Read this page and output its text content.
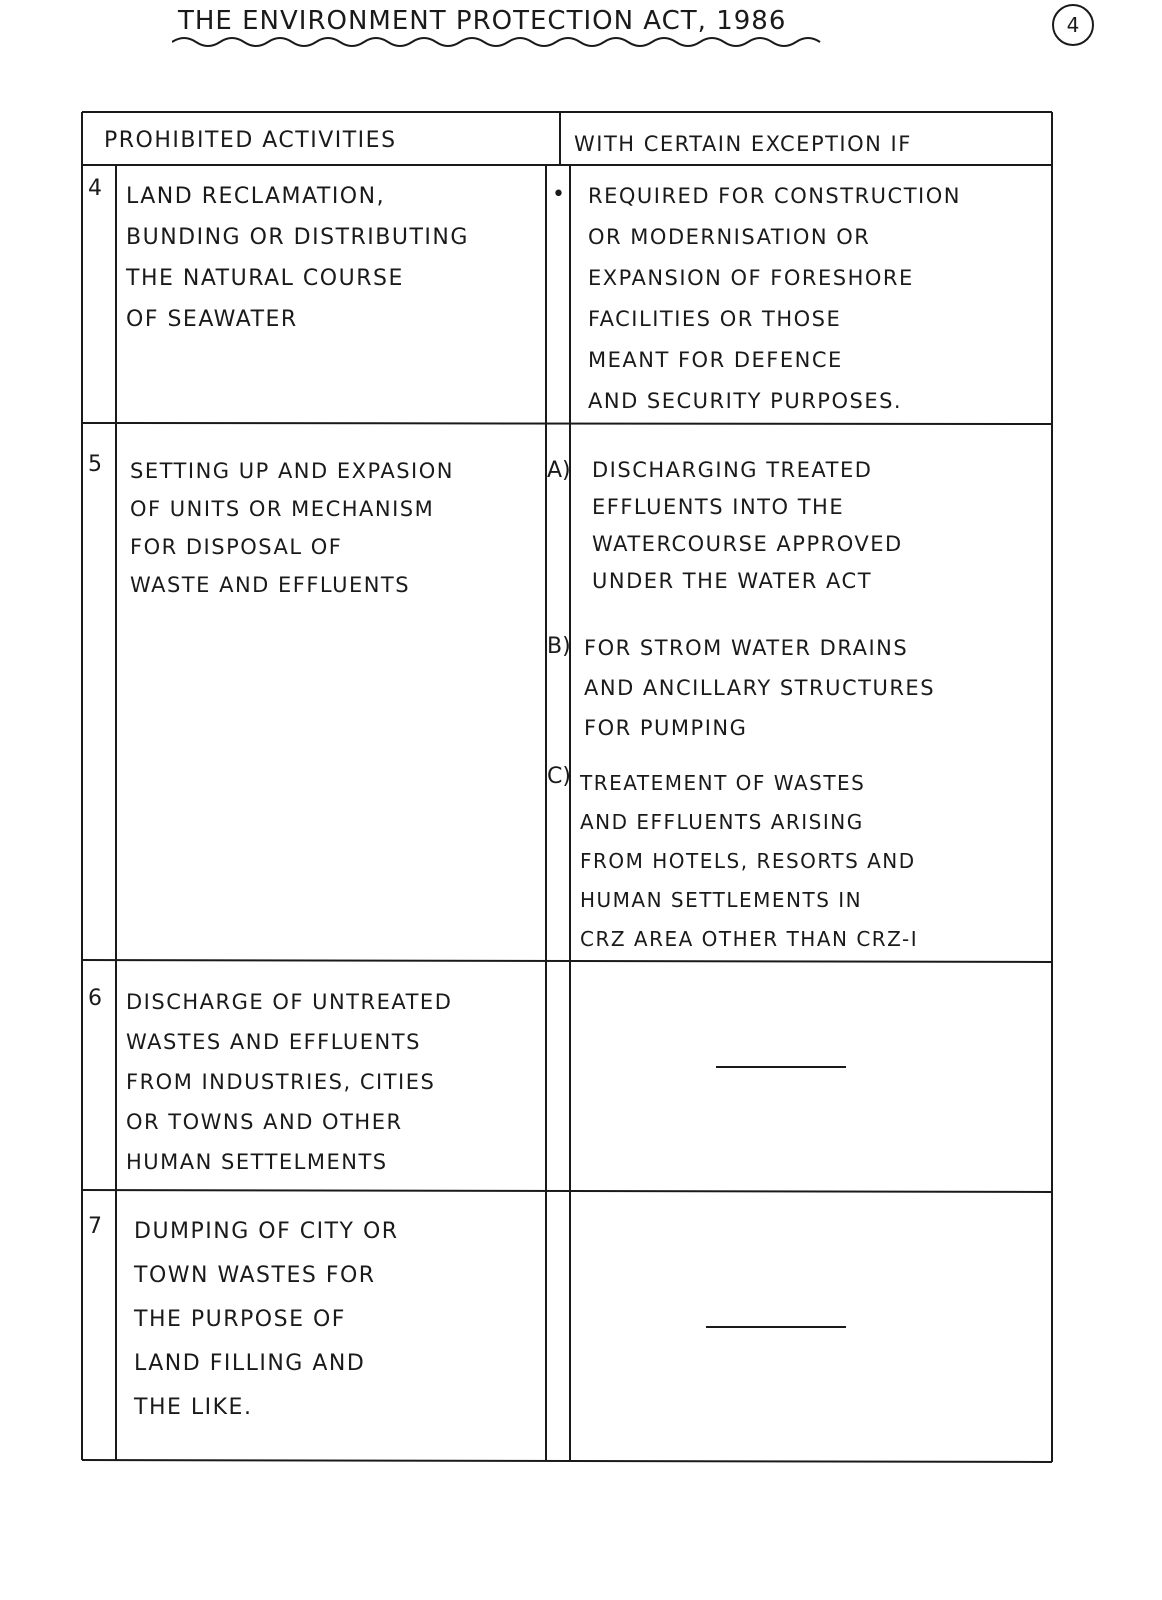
THE ENVIRONMENT PROTECTION ACT, 1986	4
PROHIBITED ACTIVITIES	WITH CERTAIN EXCEPTION IF
4 LAND RECLAMATION,
BUNDING OR DISTRIBUTING
THE NATURAL COURSE
OF SEAWATER
• REQUIRED FOR CONSTRUCTION
OR MODERNISATION OR
EXPANSION OF FORESHORE
FACILITIES OR THOSE
MEANT FOR DEFENCE
AND SECURITY PURPOSES.
5 SETTING UP AND EXPASION
OF UNITS OR MECHANISM
FOR DISPOSAL OF
WASTE AND EFFLUENTS
A) DISCHARGING TREATED
EFFLUENTS INTO THE
WATERCOURSE APPROVED
UNDER THE WATER ACT
B) FOR STROM WATER DRAINS
AND ANCILLARY STRUCTURES
FOR PUMPING
C) TREATEMENT OF WASTES
AND EFFLUENTS ARISING
FROM HOTELS, RESORTS AND
HUMAN SETTLEMENTS IN
CRZ AREA OTHER THAN CRZ-I
6 DISCHARGE OF UNTREATED
WASTES AND EFFLUENTS
FROM INDUSTRIES, CITIES
OR TOWNS AND OTHER
HUMAN SETTELMENTS
7 DUMPING OF CITY OR
TOWN WASTES FOR
THE PURPOSE OF
LAND FILLING AND
THE LIKE.
